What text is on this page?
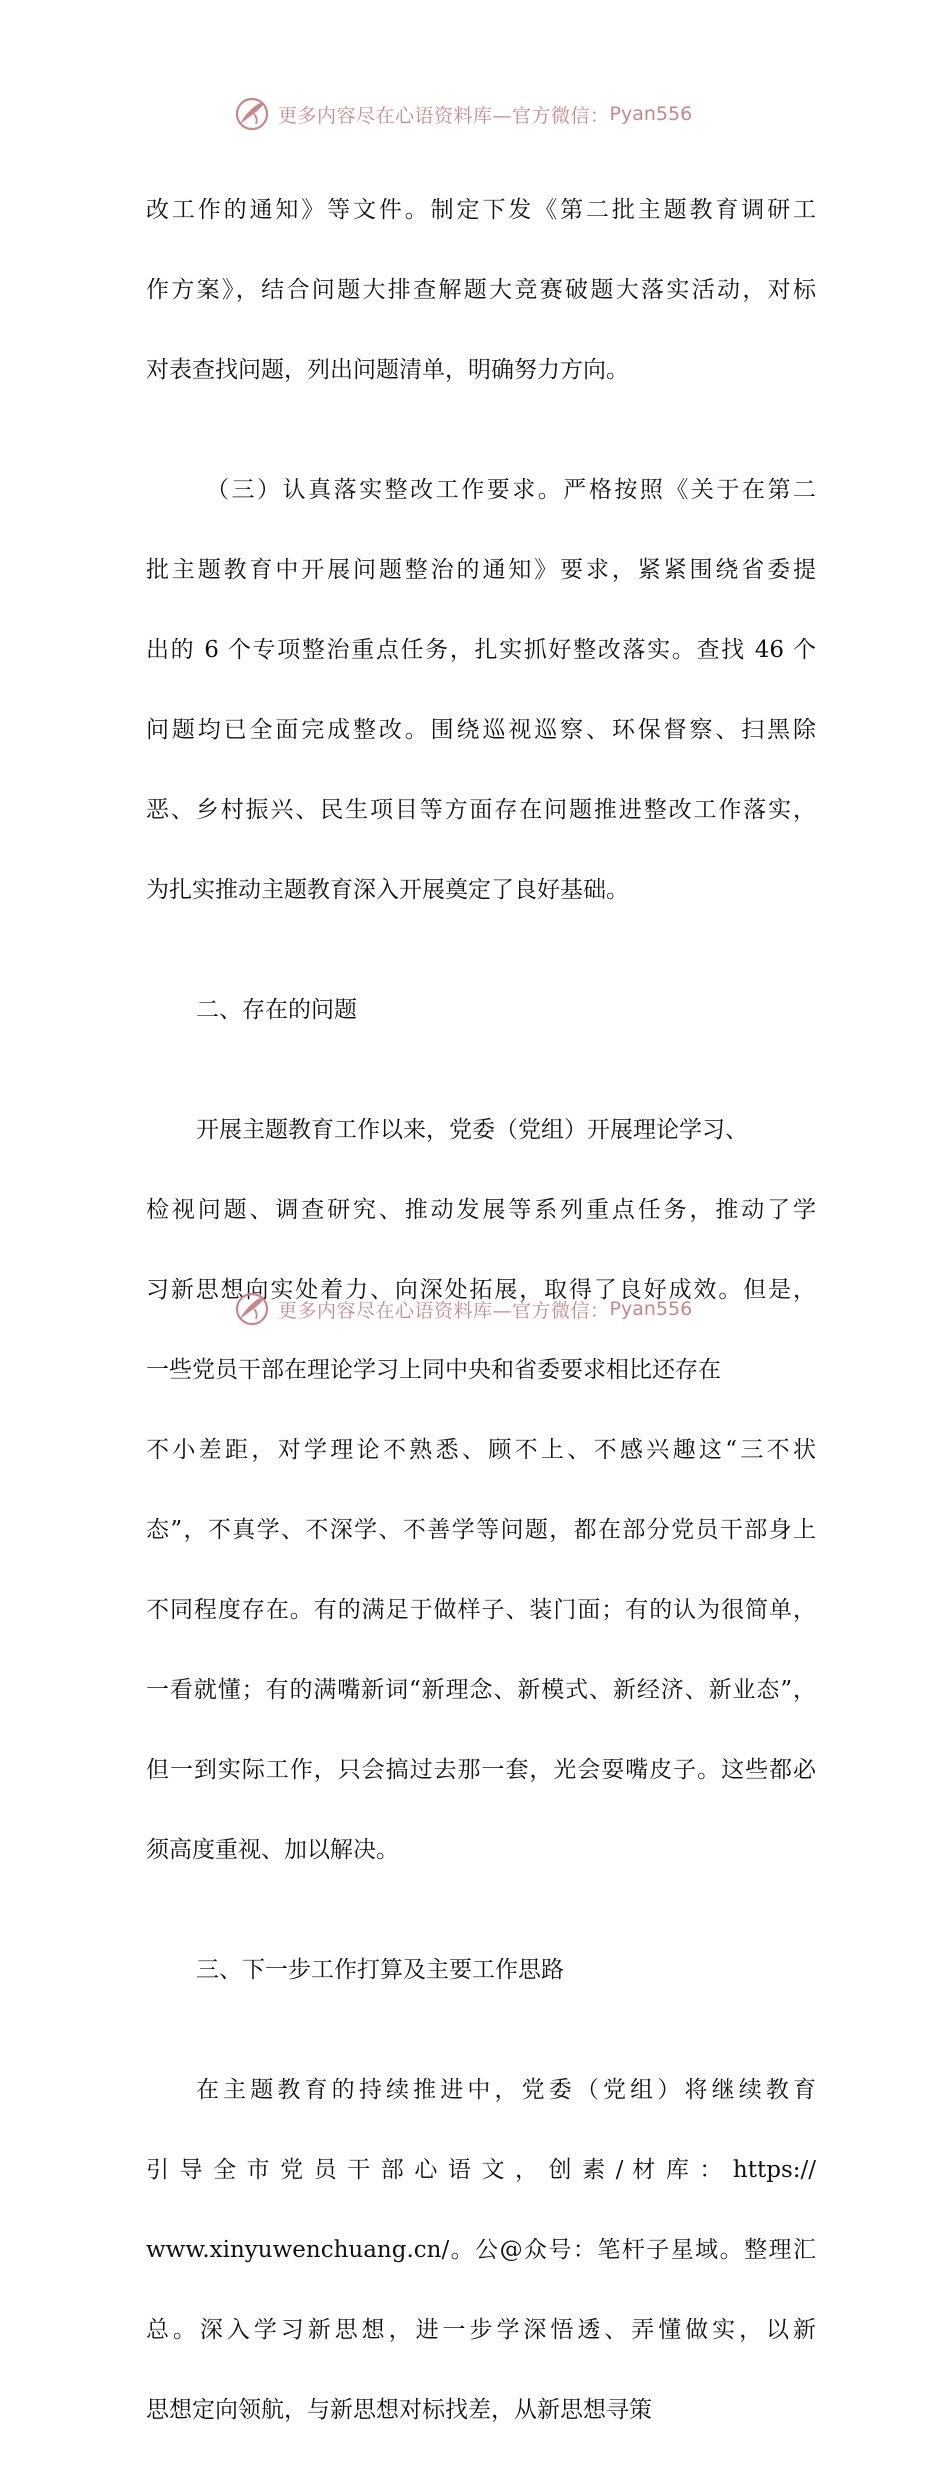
更多内容尽在心语资料库—官方微信： Pyan556

改工作的通知》等文件。制定下发《第二批主题教育调研工

作方案》，结合问题大排查解题大竞赛破题大落实活动，对标

对表查找问题，列出问题清单，明确努力方向。

（三）认真落实整改工作要求。严格按照《关于在第二

批主题教育中开展问题整治的通知》要求，紧紧围绕省委提

出的 6 个专项整治重点任务，扎实抓好整改落实。查找 46 个

问题均已全面完成整改。围绕巡视巡察、环保督察、扫黑除

恶、乡村振兴、民生项目等方面存在问题推进整改工作落实，

为扎实推动主题教育深入开展奠定了良好基础。

二、存在的问题

开展主题教育工作以来，党委（党组）开展理论学习、

检视问题、调查研究、推动发展等系列重点任务，推动了学

习新思想向实处着力、向深处拓展，取得了良好成效。但是，

一些党员干部在理论学习上同中央和省委要求相比还存在

不小差距，对学理论不熟悉、顾不上、不感兴趣这“三不状

态”，不真学、不深学、不善学等问题，都在部分党员干部身上

不同程度存在。有的满足于做样子、装门面；有的认为很简单，

一看就懂；有的满嘴新词“新理念、新模式、新经济、新业态”，

但一到实际工作，只会搞过去那一套，光会耍嘴皮子。这些都必

须高度重视、加以解决。

三、下一步工作打算及主要工作思路

在主题教育的持续推进中，党委（党组）将继续教育

引 导 全 市 党 员 干 部 心 语 文 ， 创 素 / 材 库 ： https://

www.xinyuwenchuang.cn/。公@众号：笔杆子星域。整理汇

总。深入学习新思想，进一步学深悟透、弄懂做实，以新

思想定向领航，与新思想对标找差，从新思想寻策

更多内容尽在心语资料库—官方微信： Pyan556
